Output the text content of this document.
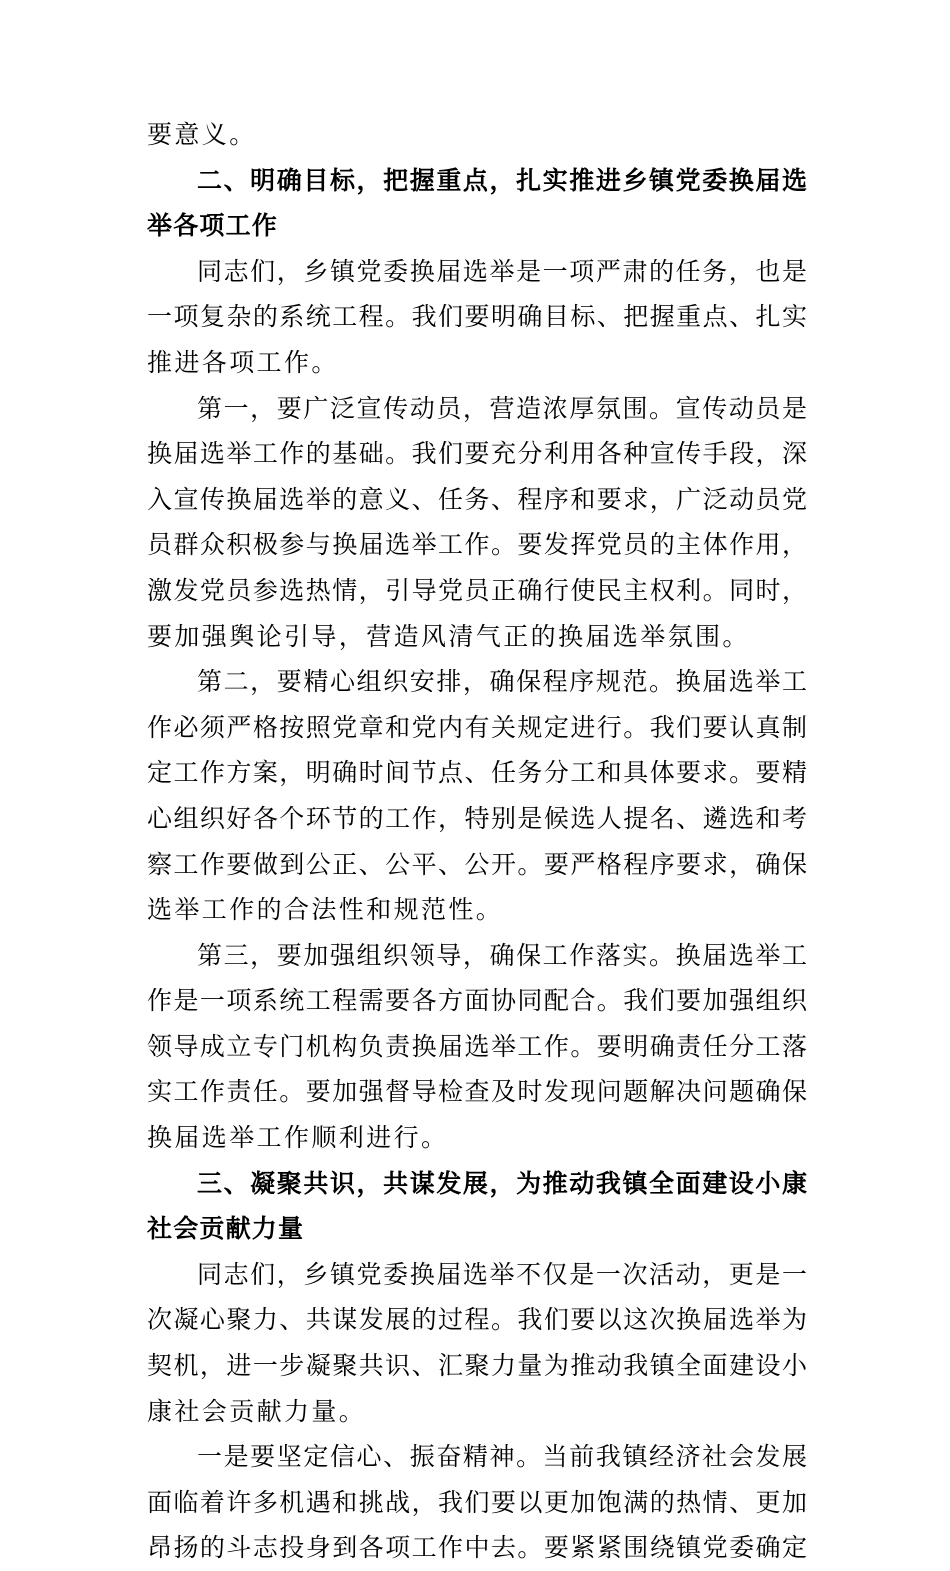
要意义。
二、明确目标，把握重点，扎实推进乡镇党委换届选
举各项工作
同志们，乡镇党委换届选举是一项严肃的任务，也是
一项复杂的系统工程。我们要明确目标、把握重点、扎实
推进各项工作。
第一，要广泛宣传动员，营造浓厚氛围。宣传动员是
换届选举工作的基础。我们要充分利用各种宣传手段，深
入宣传换届选举的意义、任务、程序和要求，广泛动员党
员群众积极参与换届选举工作。要发挥党员的主体作用，
激发党员参选热情，引导党员正确行使民主权利。同时，
要加强舆论引导，营造风清气正的换届选举氛围。
第二，要精心组织安排，确保程序规范。换届选举工
作必须严格按照党章和党内有关规定进行。我们要认真制
定工作方案，明确时间节点、任务分工和具体要求。要精
心组织好各个环节的工作，特别是候选人提名、遴选和考
察工作要做到公正、公平、公开。要严格程序要求，确保
选举工作的合法性和规范性。
第三，要加强组织领导，确保工作落实。换届选举工
作是一项系统工程需要各方面协同配合。我们要加强组织
领导成立专门机构负责换届选举工作。要明确责任分工落
实工作责任。要加强督导检查及时发现问题解决问题确保
换届选举工作顺利进行。
三、凝聚共识，共谋发展，为推动我镇全面建设小康
社会贡献力量
同志们，乡镇党委换届选举不仅是一次活动，更是一
次凝心聚力、共谋发展的过程。我们要以这次换届选举为
契机，进一步凝聚共识、汇聚力量为推动我镇全面建设小
康社会贡献力量。
一是要坚定信心、振奋精神。当前我镇经济社会发展
面临着许多机遇和挑战，我们要以更加饱满的热情、更加
昂扬的斗志投身到各项工作中去。要紧紧围绕镇党委确定
